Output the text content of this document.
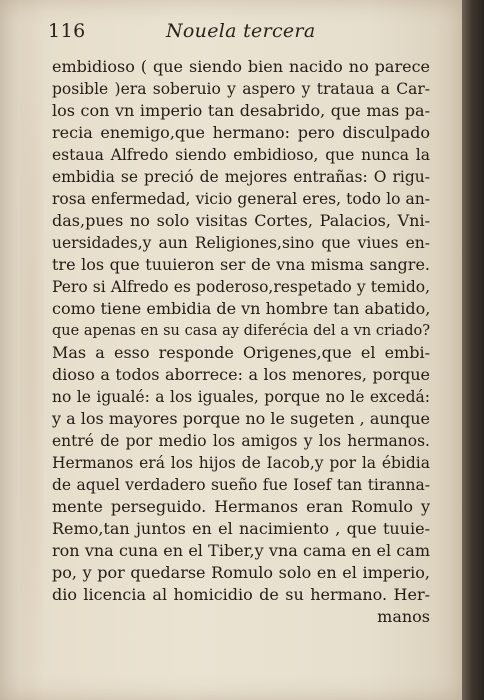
116	Nouela tercera
embidioso ( que siendo bien nacido no parece
posible )era soberuio y aspero y trataua a Car-
los con vn imperio tan desabrido, que mas pa-
recia enemigo,que hermano: pero disculpado
estaua Alfredo siendo embidioso, que nunca la
embidia se preció de mejores entrañas: O rigu-
rosa enfermedad, vicio general eres, todo lo an-
das,pues no solo visitas Cortes, Palacios, Vni-
uersidades,y aun Religiones,sino que viues en-
tre los que tuuieron ser de vna misma sangre.
Pero si Alfredo es poderoso,respetado y temido,
como tiene embidia de vn hombre tan abatido,
que apenas en su casa ay diferécia del a vn criado?
Mas a esso responde Origenes,que el embi-
dioso a todos aborrece: a los menores, porque
no le igualé: a los iguales, porque no le excedá:
y a los mayores porque no le sugeten , aunque
entré de por medio los amigos y los hermanos.
Hermanos erá los hijos de Iacob,y por la ébidia
de aquel verdadero sueño fue Iosef tan tiranna-
mente perseguido. Hermanos eran Romulo y
Remo,tan juntos en el nacimiento , que tuuie-
ron vna cuna en el Tiber,y vna cama en el cam
po, y por quedarse Romulo solo en el imperio,
dio licencia al homicidio de su hermano. Her-
manos
